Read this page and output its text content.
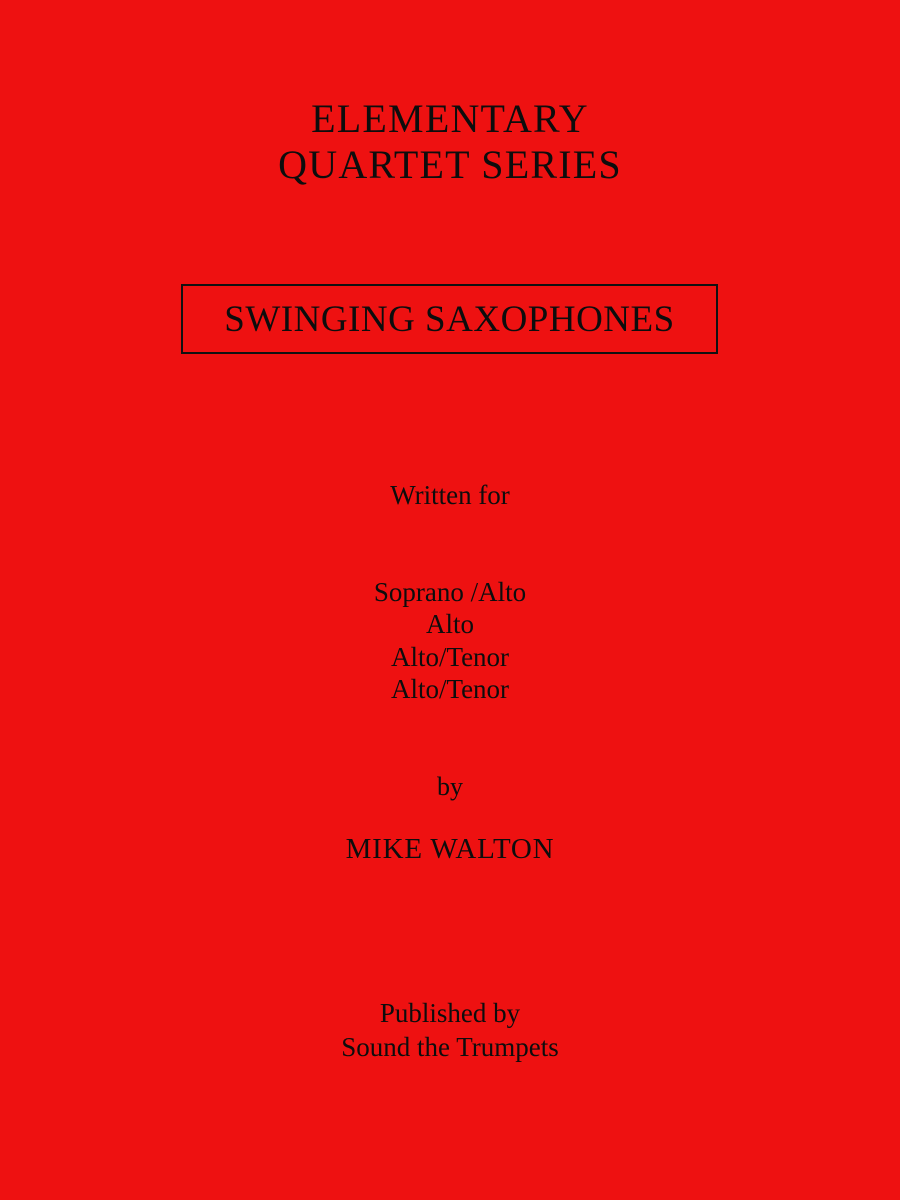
ELEMENTARY
QUARTET SERIES
SWINGING SAXOPHONES
Written for
Soprano /Alto
Alto
Alto/Tenor
Alto/Tenor
by
MIKE WALTON
Published by
Sound the Trumpets
